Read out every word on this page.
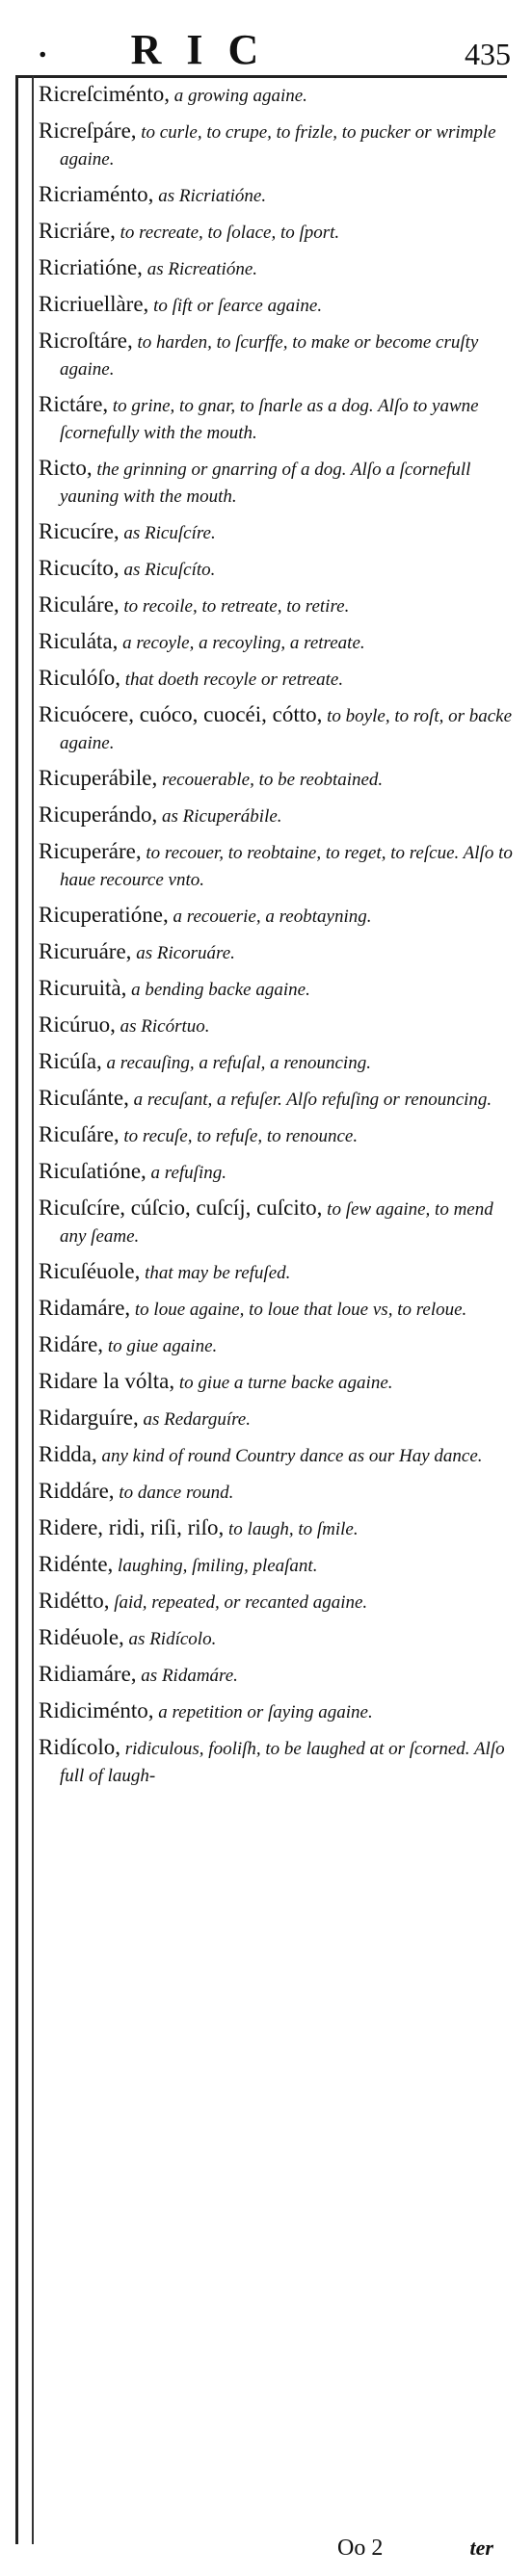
.	RIC	435

Ricreſciménto, a growing againe.

Ricreſpáre, to curle, to crupe, to frizle, to pucker or wrimple againe.

Ricriaménto, as Ricriatióne.

Ricriáre, to recreate, to ſolace, to ſport.

Ricriatióne, as Ricreatióne.

Ricriuellàre, to ſift or ſearce againe.

Ricroſtáre, to harden, to ſcurffe, to make or become cruſty againe.

Rictáre, to grine, to gnar, to ſnarle as a dog. Alſo to yawne ſcornefully with the mouth.

Ricto, the grinning or gnarring of a dog. Alſo a ſcornefull yauning with the mouth.

Ricucíre, as Ricuſcíre.

Ricucíto, as Ricuſcíto.

Riculáre, to recoile, to retreate, to retire.

Riculáta, a recoyle, a recoyling, a retreate.

Riculóſo, that doeth recoyle or retreate.

Ricuócere, cuóco, cuocéi, cótto, to boyle, to roſt, or backe againe.

Ricuperábile, recouerable, to be reobtained.

Ricuperándo, as Ricuperábile.

Ricuperáre, to recouer, to reobtaine, to reget, to reſcue. Alſo to haue recource vnto.

Ricuperatióne, a recouerie, a reobtayning.

Ricuruáre, as Ricoruáre.

Ricuruità, a bending backe againe.

Ricúruo, as Ricórtuo.

Ricúſa, a recauſing, a refuſal, a renouncing.

Ricuſánte, a recuſant, a refuſer. Alſo refuſing or renouncing.

Ricuſáre, to recuſe, to refuſe, to renounce.

Ricuſatióne, a refuſing.

Ricuſcíre, cúſcio, cuſcíj, cuſcito, to ſew againe, to mend any ſeame.

Ricuſéuole, that may be refuſed.

Ridamáre, to loue againe, to loue that loue vs, to reloue.

Ridáre, to giue againe.

Ridare la vólta, to giue a turne backe againe.

Ridarguíre, as Redarguíre.

Ridda, any kind of round Country dance as our Hay dance.

Riddáre, to dance round.

Ridere, ridi, riſi, riſo, to laugh, to ſmile.

Ridénte, laughing, ſmiling, pleaſant.

Ridétto, ſaid, repeated, or recanted againe.

Ridéuole, as Ridícolo.

Ridiamáre, as Ridamáre.

Ridiciménto, a repetition or ſaying againe.

Ridícolo, ridiculous, fooliſh, to be laughed at or ſcorned. Alſo full of laugh-

Oo 2	ter
